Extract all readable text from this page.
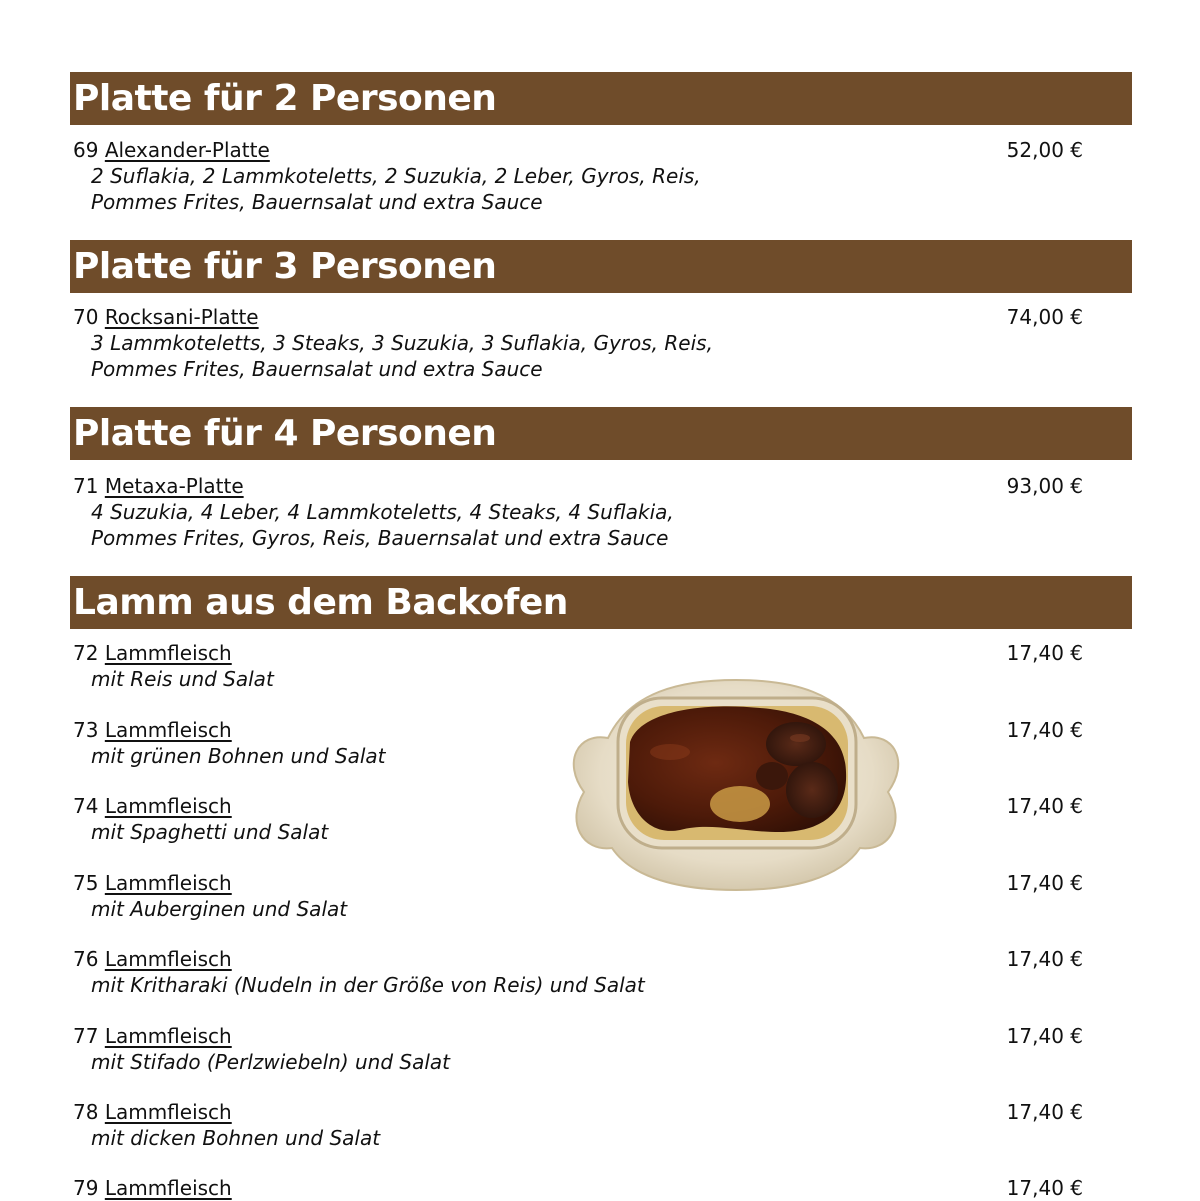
Platte für 2 Personen
Platte für 3 Personen
Platte für 4 Personen
Lamm aus dem Backofen
69 Alexander-Platte	52,00 €
2 Suflakia, 2 Lammkoteletts, 2 Suzukia, 2 Leber, Gyros, Reis,
Pommes Frites, Bauernsalat und extra Sauce
70 Rocksani-Platte	74,00 €
3 Lammkoteletts, 3 Steaks, 3 Suzukia, 3 Suflakia, Gyros, Reis,
Pommes Frites, Bauernsalat und extra Sauce
71 Metaxa-Platte	93,00 €
4 Suzukia, 4 Leber, 4 Lammkoteletts, 4 Steaks, 4 Suflakia,
Pommes Frites, Gyros, Reis, Bauernsalat und extra Sauce
72 Lammfleisch	17,40 €
mit Reis und Salat
73 Lammfleisch	17,40 €
mit grünen Bohnen und Salat
74 Lammfleisch	17,40 €
mit Spaghetti und Salat
75 Lammfleisch	17,40 €
mit Auberginen und Salat
76 Lammfleisch	17,40 €
mit Kritharaki (Nudeln in der Größe von Reis) und Salat
77 Lammfleisch	17,40 €
mit Stifado (Perlzwiebeln) und Salat
78 Lammfleisch	17,40 €
mit dicken Bohnen und Salat
79 Lammfleisch	17,40 €
